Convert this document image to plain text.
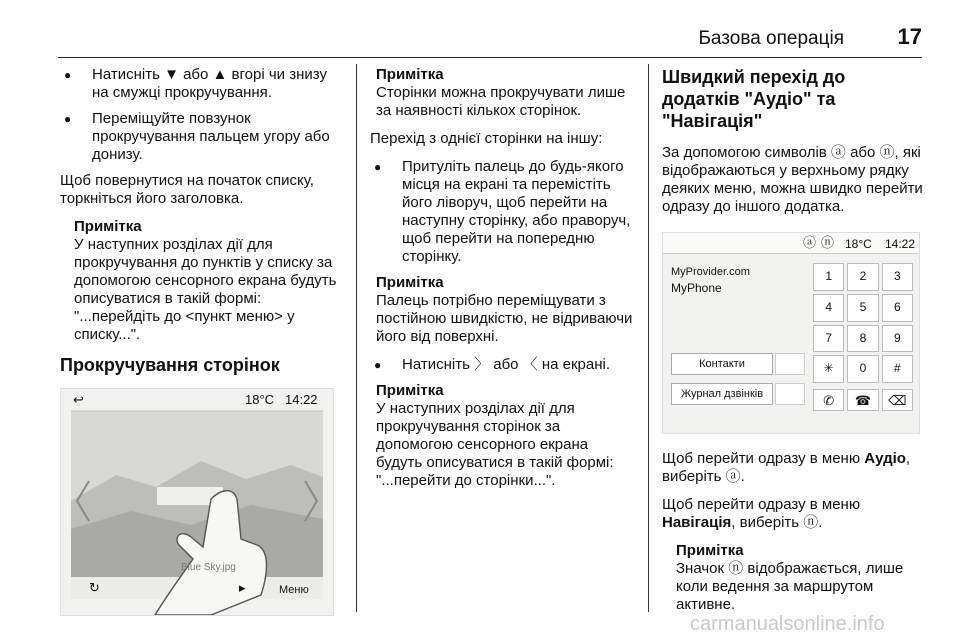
Базова операція 17
● Натисніть ▼ або ▲ вгорі чи знизу на смужці прокручування.
● Переміщуйте повзунок прокручування пальцем угору або донизу.

Щоб повернутися на початок списку, торкніться його заголовка.

Примітка
У наступних розділах дії для прокручування до пунктів у списку за допомогою сенсорного екрана будуть описуватися в такій формі: "...перейдіть до <пункт меню> у списку...".
Прокручування сторінок
↩	18°C 14:22
Blue Sky.jpg
↻	▸	Меню
Примітка
Сторінки можна прокручувати лише за наявності кількох сторінок.

Перехід з однієї сторінки на іншу:

● Притуліть палець до будь-якого місця на екрані та перемістіть його ліворуч, щоб перейти на наступну сторінку, або праворуч, щоб перейти на попередню сторінку.
Примітка
Палець потрібно переміщувати з постійною швидкістю, не відриваючи його від поверхні.
● Натисніть 〉 або 〈 на екрані.
Примітка
У наступних розділах дії для прокручування сторінок за допомогою сенсорного екрана будуть описуватися в такій формі: "...перейти до сторінки...".
Швидкий перехід до додатків "Аудіо" та "Навігація"

За допомогою символів ⓐ або ⓝ, які відображаються у верхньому рядку деяких меню, можна швидко перейти одразу до іншого додатка.

ⓐ ⓝ 18°C 14:22
MyProvider.com
MyPhone
Контакти
Журнал дзвінків
1	2	3
4	5	6
7	8	9
✳	0	#
✆	☎	⌫

Щоб перейти одразу в меню Аудіо, виберіть ⓐ.

Щоб перейти одразу в меню Навігація, виберіть ⓝ.

Примітка
Значок ⓝ відображається, лише коли ведення за маршрутом активне.
carmanualsonline.info
